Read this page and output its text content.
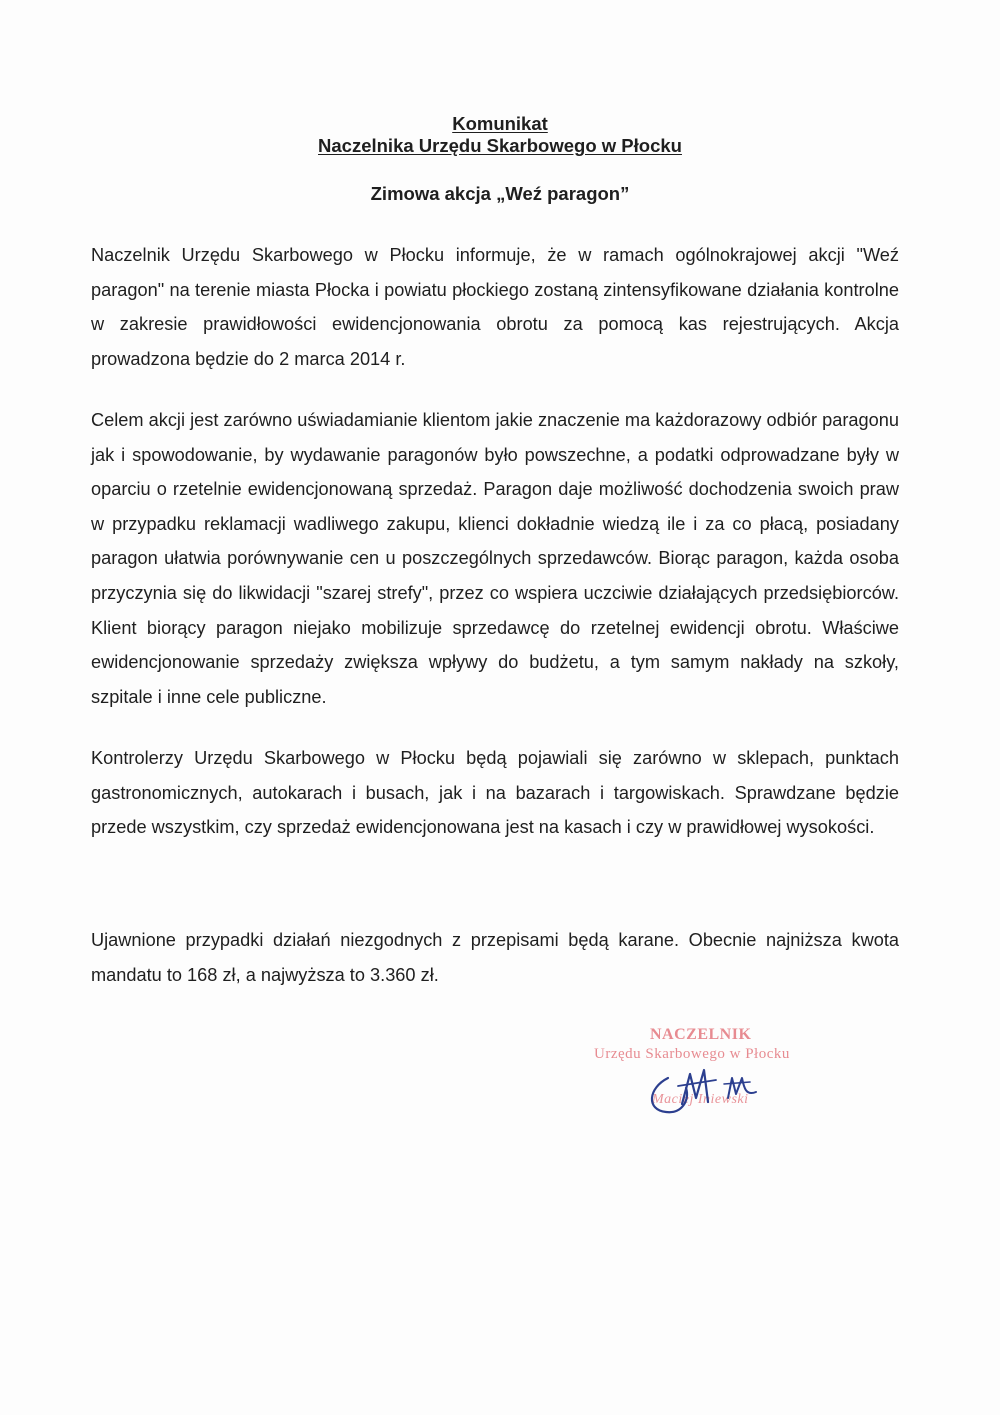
Komunikat

Naczelnika Urzędu Skarbowego w Płocku

Zimowa akcja „Weź paragon”

Naczelnik Urzędu Skarbowego w Płocku informuje, że w ramach ogólnokrajowej akcji "Weź paragon" na terenie miasta Płocka i powiatu płockiego zostaną zintensyfikowane działania kontrolne w zakresie prawidłowości ewidencjonowania obrotu za pomocą kas rejestrujących. Akcja prowadzona będzie do 2 marca 2014 r.

Celem akcji jest zarówno uświadamianie klientom jakie znaczenie ma każdorazowy odbiór paragonu jak i spowodowanie, by wydawanie paragonów było powszechne, a podatki odprowadzane były w oparciu o rzetelnie ewidencjonowaną sprzedaż. Paragon daje możliwość dochodzenia swoich praw w przypadku reklamacji wadliwego zakupu, klienci dokładnie wiedzą ile i za co płacą, posiadany paragon ułatwia porównywanie cen u poszczególnych sprzedawców. Biorąc paragon, każda osoba przyczynia się do likwidacji "szarej strefy", przez co wspiera uczciwie działających przedsiębiorców. Klient biorący paragon niejako mobilizuje sprzedawcę do rzetelnej ewidencji obrotu. Właściwe ewidencjonowanie sprzedaży zwiększa wpływy do budżetu, a tym samym nakłady na szkoły, szpitale i inne cele publiczne.

Kontrolerzy Urzędu Skarbowego w Płocku będą pojawiali się zarówno w sklepach, punktach gastronomicznych, autokarach i busach, jak i na bazarach i targowiskach. Sprawdzane będzie przede wszystkim, czy sprzedaż ewidencjonowana jest na kasach i czy w prawidłowej wysokości.

Ujawnione przypadki działań niezgodnych z przepisami będą karane. Obecnie najniższa kwota mandatu to 168 zł, a najwyższa to 3.360 zł.

NACZELNIK
Urzędu Skarbowego w Płocku
Maciej Iniewski
